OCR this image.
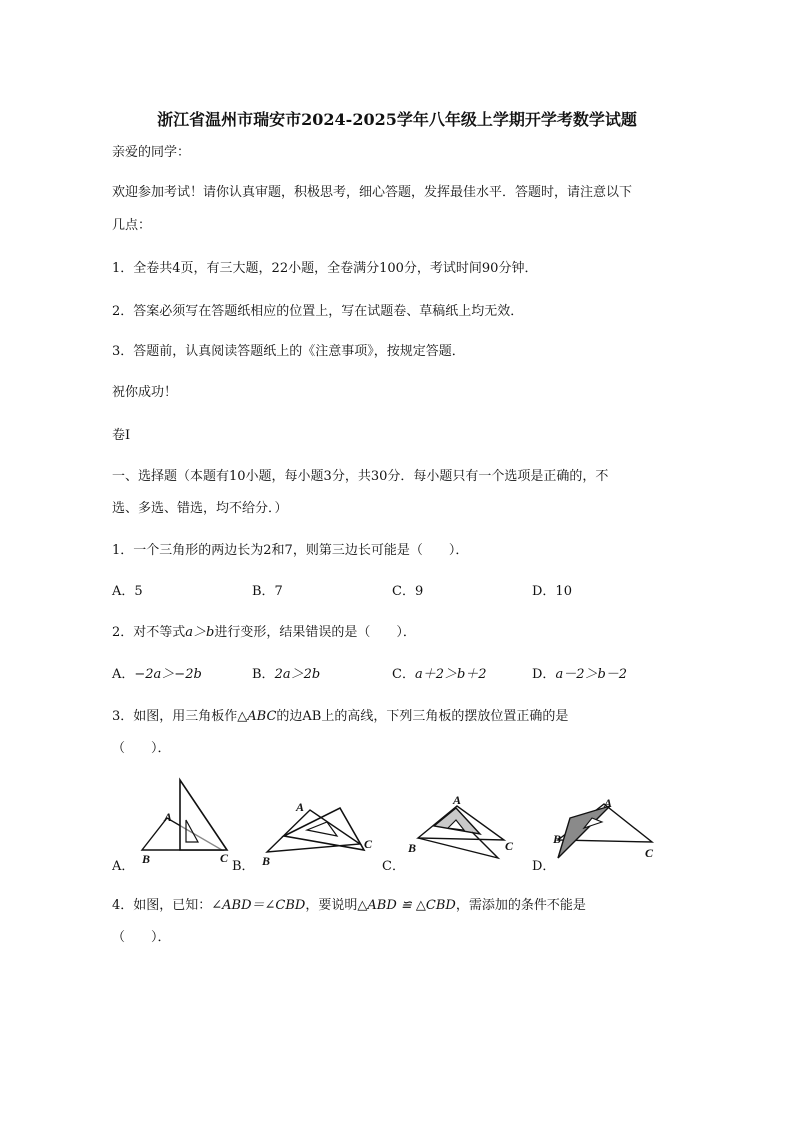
浙江省温州市瑞安市2024-2025学年八年级上学期开学考数学试题
亲爱的同学：
欢迎参加考试！请你认真审题，积极思考，细心答题，发挥最佳水平．答题时，请注意以下
几点：
1．全卷共4页，有三大题，22小题，全卷满分100分，考试时间90分钟．
2．答案必须写在答题纸相应的位置上，写在试题卷、草稿纸上均无效．
3．答题前，认真阅读答题纸上的《注意事项》，按规定答题．
祝你成功！
卷Ⅰ
一、选择题（本题有10小题，每小题3分，共30分．每小题只有一个选项是正确的，不
选、多选、错选，均不给分．）
1．一个三角形的两边长为2和7，则第三边长可能是（　　）．
A．5	B．7	C．9	D．10
2．对不等式a＞b进行变形，结果错误的是（　　）．
A．−2a＞−2b	B．2a＞2b	C．a＋2＞b＋2	D．a－2＞b－2
3．如图，用三角板作△ABC的边AB上的高线，下列三角板的摆放位置正确的是
（　　）．
A
B	C
A．
A
B
C
B．
A
B	C
C．
A
B
C
D．
4．如图，已知：∠ABD＝∠CBD，要说明△ABD ≌ △CBD，需添加的条件不能是
（　　）．
